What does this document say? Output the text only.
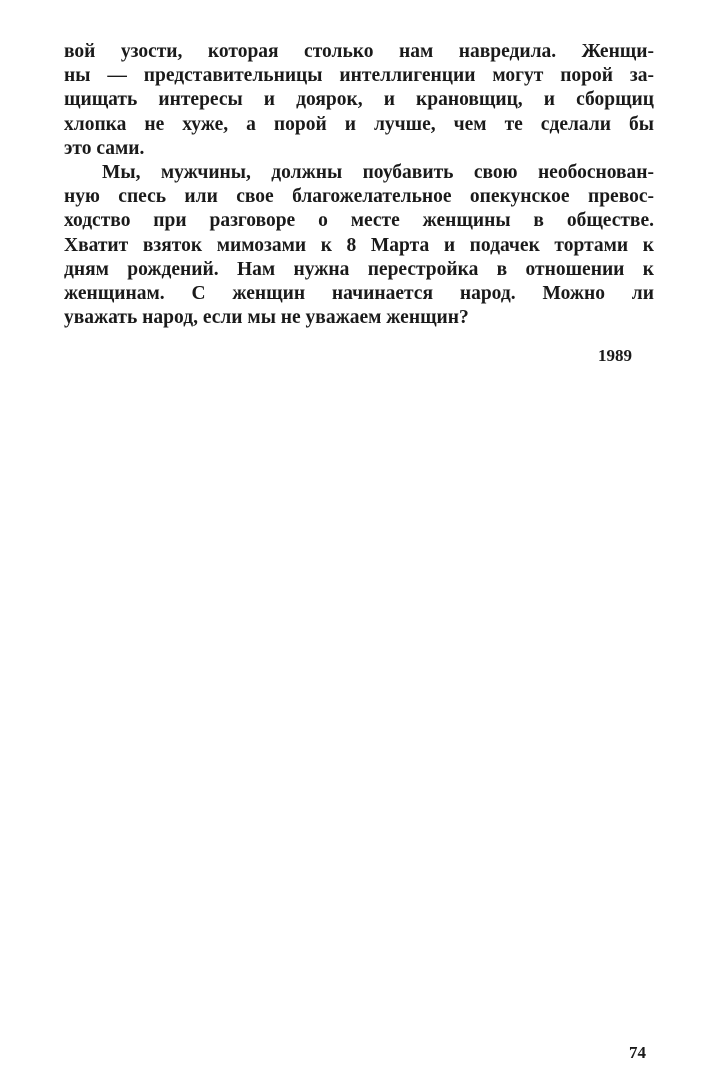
вой узости, которая столько нам навредила. Женщи-
ны — представительницы интеллигенции могут порой за-
щищать интересы и доярок, и крановщиц, и сборщиц
хлопка не хуже, а порой и лучше, чем те сделали бы
это сами.
Мы, мужчины, должны поубавить свою необоснован-
ную спесь или свое благожелательное опекунское превос-
ходство при разговоре о месте женщины в обществе.
Хватит взяток мимозами к 8 Марта и подачек тортами к
дням рождений. Нам нужна перестройка в отношении к
женщинам. С женщин начинается народ. Можно ли
уважать народ, если мы не уважаем женщин?
1989
74
